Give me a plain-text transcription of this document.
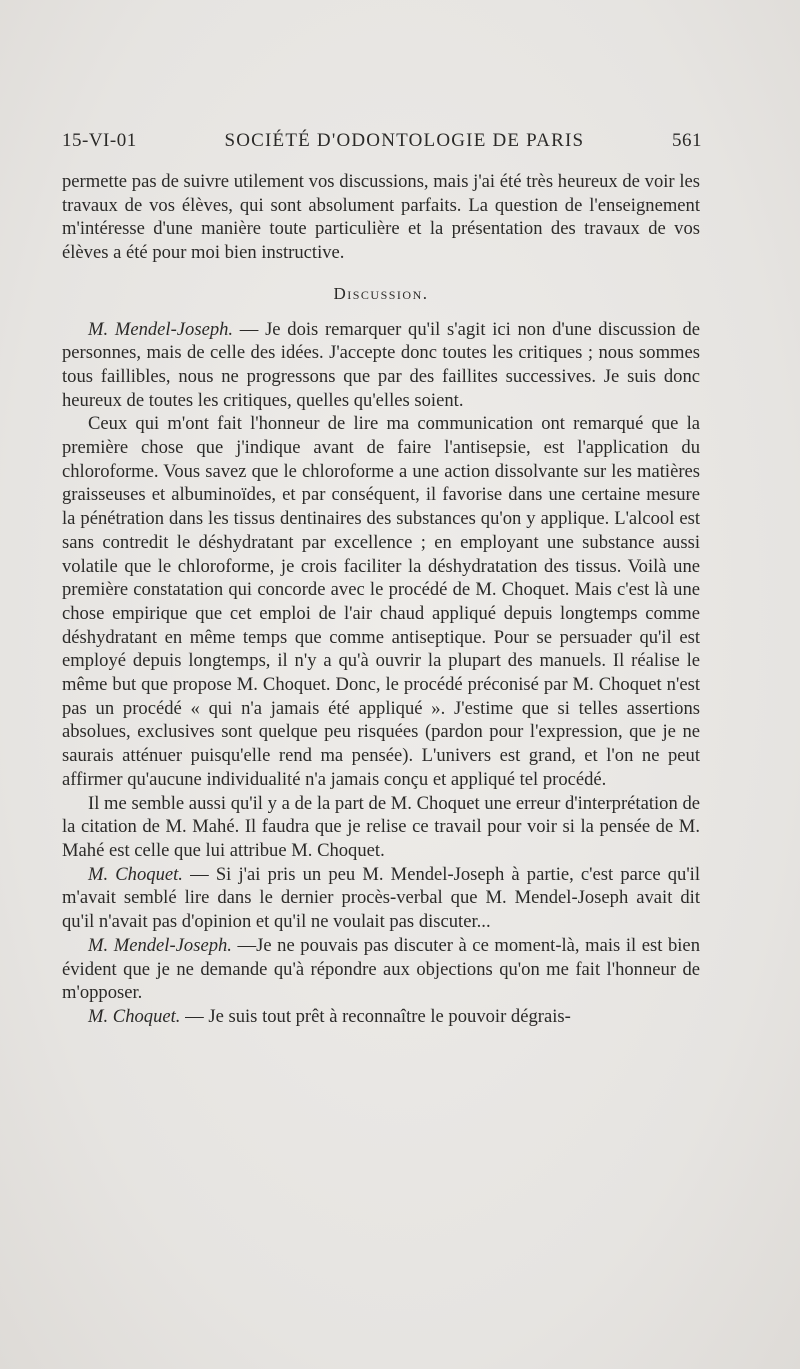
15-VI-01	SOCIÉTÉ D'ODONTOLOGIE DE PARIS	561

permette pas de suivre utilement vos discussions, mais j'ai été très heureux de voir les travaux de vos élèves, qui sont absolument parfaits. La question de l'enseignement m'intéresse d'une manière toute particulière et la présentation des travaux de vos élèves a été pour moi bien instructive.

Discussion.

M. Mendel-Joseph. — Je dois remarquer qu'il s'agit ici non d'une discussion de personnes, mais de celle des idées. J'accepte donc toutes les critiques ; nous sommes tous faillibles, nous ne progressons que par des faillites successives. Je suis donc heureux de toutes les critiques, quelles qu'elles soient.

Ceux qui m'ont fait l'honneur de lire ma communication ont remarqué que la première chose que j'indique avant de faire l'antisepsie, est l'application du chloroforme. Vous savez que le chloroforme a une action dissolvante sur les matières graisseuses et albuminoïdes, et par conséquent, il favorise dans une certaine mesure la pénétration dans les tissus dentinaires des substances qu'on y applique. L'alcool est sans contredit le déshydratant par excellence ; en employant une substance aussi volatile que le chloroforme, je crois faciliter la déshydratation des tissus. Voilà une première constatation qui concorde avec le procédé de M. Choquet. Mais c'est là une chose empirique que cet emploi de l'air chaud appliqué depuis longtemps comme déshydratant en même temps que comme antiseptique. Pour se persuader qu'il est employé depuis longtemps, il n'y a qu'à ouvrir la plupart des manuels. Il réalise le même but que propose M. Choquet. Donc, le procédé préconisé par M. Choquet n'est pas un procédé « qui n'a jamais été appliqué ». J'estime que si telles assertions absolues, exclusives sont quelque peu risquées (pardon pour l'expression, que je ne saurais atténuer puisqu'elle rend ma pensée). L'univers est grand, et l'on ne peut affirmer qu'aucune individualité n'a jamais conçu et appliqué tel procédé.

Il me semble aussi qu'il y a de la part de M. Choquet une erreur d'interprétation de la citation de M. Mahé. Il faudra que je relise ce travail pour voir si la pensée de M. Mahé est celle que lui attribue M. Choquet.

M. Choquet. — Si j'ai pris un peu M. Mendel-Joseph à partie, c'est parce qu'il m'avait semblé lire dans le dernier procès-verbal que M. Mendel-Joseph avait dit qu'il n'avait pas d'opinion et qu'il ne voulait pas discuter...

M. Mendel-Joseph. —Je ne pouvais pas discuter à ce moment-là, mais il est bien évident que je ne demande qu'à répondre aux objections qu'on me fait l'honneur de m'opposer.

M. Choquet. — Je suis tout prêt à reconnaître le pouvoir dégrais-
